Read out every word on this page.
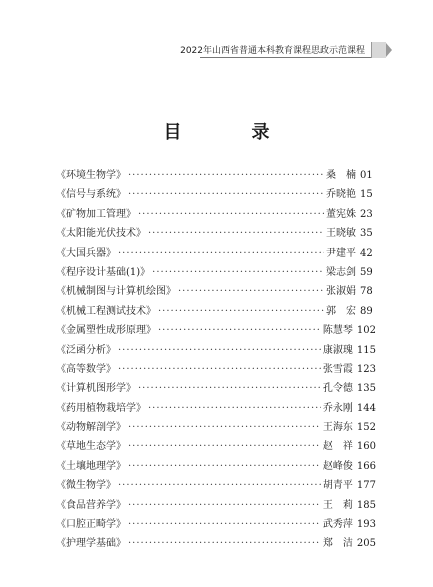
2022年山西省普通本科教育课程思政示范课程
目　录
《环境生物学》 ·····	桑　楠 01
《信号与系统》 ·····	乔晓艳 15
《矿物加工管理》 ·····	董宪姝 23
《太阳能光伏技术》 ·····	王晓敏 35
《大国兵器》 ·····	尹建平 42
《程序设计基础(1)》 ·····	梁志剑 59
《机械制图与计算机绘图》 ·····	张淑娟 78
《机械工程测试技术》 ·····	郭　宏 89
《金属塑性成形原理》 ·····	陈慧琴 102
《泛函分析》 ·····	康淑瑰 115
《高等数学》 ·····	张雪霞 123
《计算机图形学》 ·····	孔令德 135
《药用植物栽培学》 ·····	乔永刚 144
《动物解剖学》 ·····	王海东 152
《草地生态学》 ·····	赵　祥 160
《土壤地理学》 ·····	赵峰俊 166
《微生物学》 ·····	胡青平 177
《食品营养学》 ·····	王　莉 185
《口腔正畸学》 ·····	武秀萍 193
《护理学基础》 ·····	郑　洁 205
